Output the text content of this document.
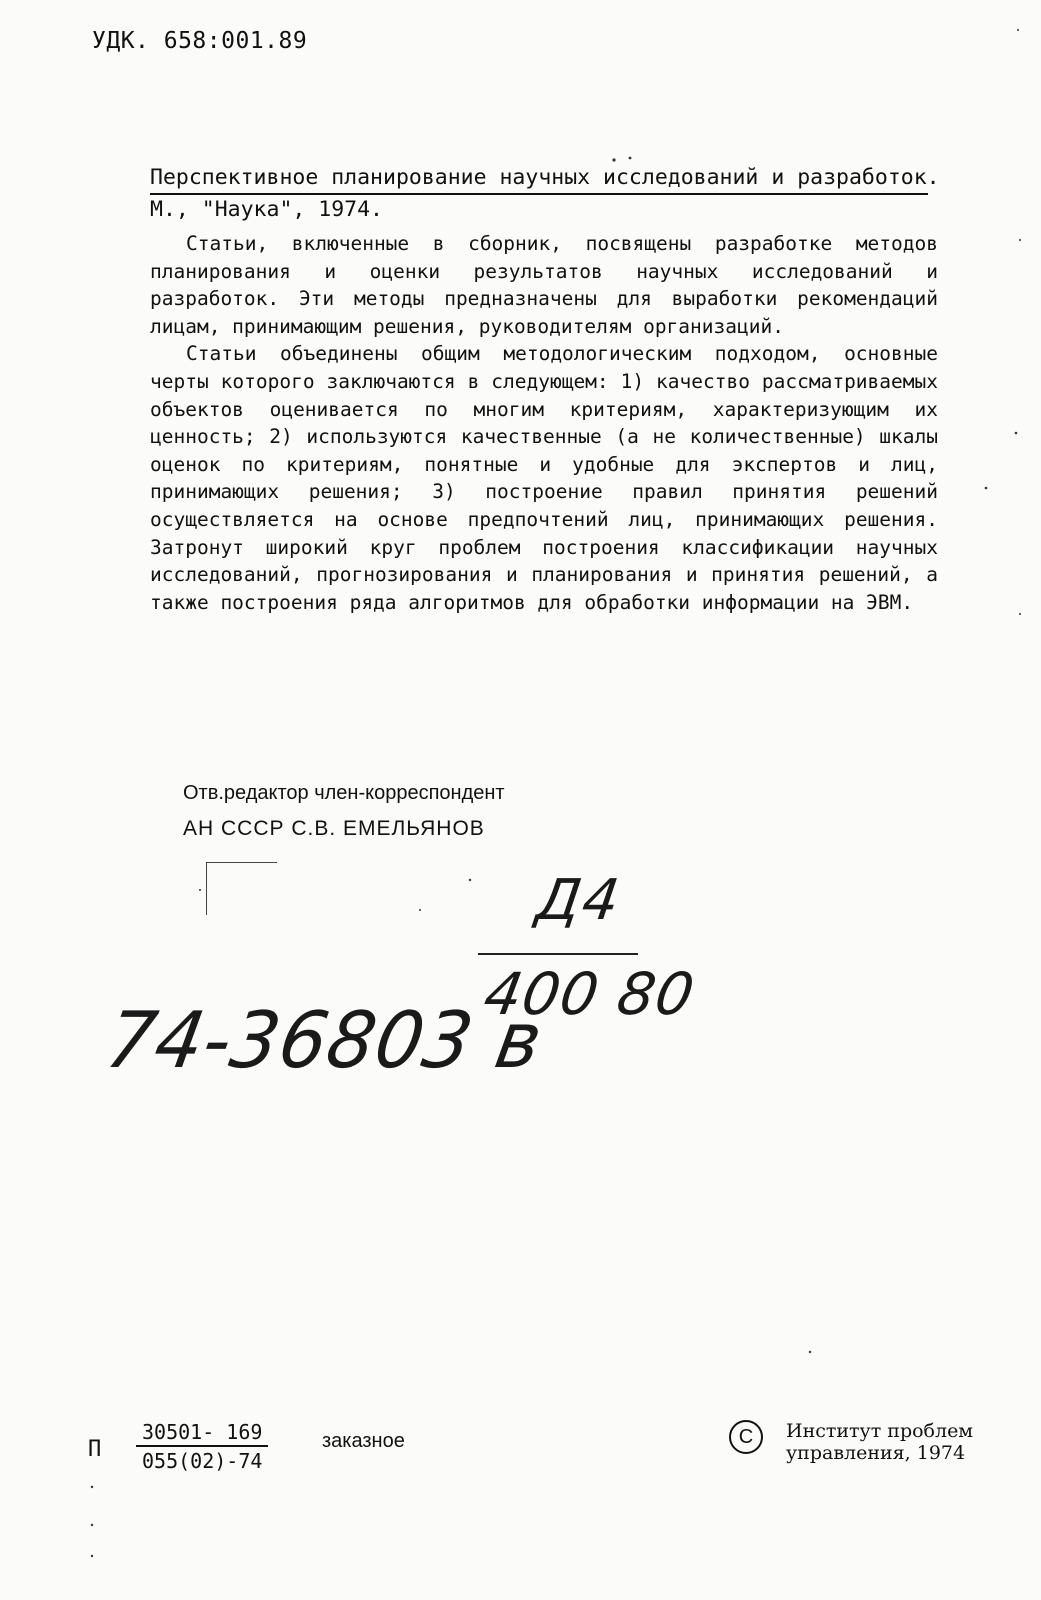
УДК. 658:001.89
Перспективное планирование научных исследований и разработок.
М., "Наука", 1974.

Статьи, включенные в сборник, посвящены разработке методов планирования и оценки результатов научных исследований и разработок. Эти методы предназначены для выработки рекомендаций лицам, принимающим решения, руководителям организаций.

Статьи объединены общим методологическим подходом, основные черты которого заключаются в следующем: 1) качество рассматриваемых объектов оценивается по многим критериям, характеризующим их ценность; 2) используются качественные (а не количественные) шкалы оценок по критериям, понятные и удобные для экспертов и лиц, принимающих решения; 3) построение правил принятия решений осуществляется на основе предпочтений лиц, принимающих решения. Затронут широкий круг проблем построения классификации научных исследований, прогнозирования и планирования и принятия решений, а также построения ряда алгоритмов для обработки информации на ЭВМ.

Отв.редактор член-корреспондент
АН СССР С.В. ЕМЕЛЬЯНОВ
Д4
400 80
74-36803 в
П $\frac{30501- 169}{055(02)-74}$	заказное	C	Институт проблем
управления, 1974
